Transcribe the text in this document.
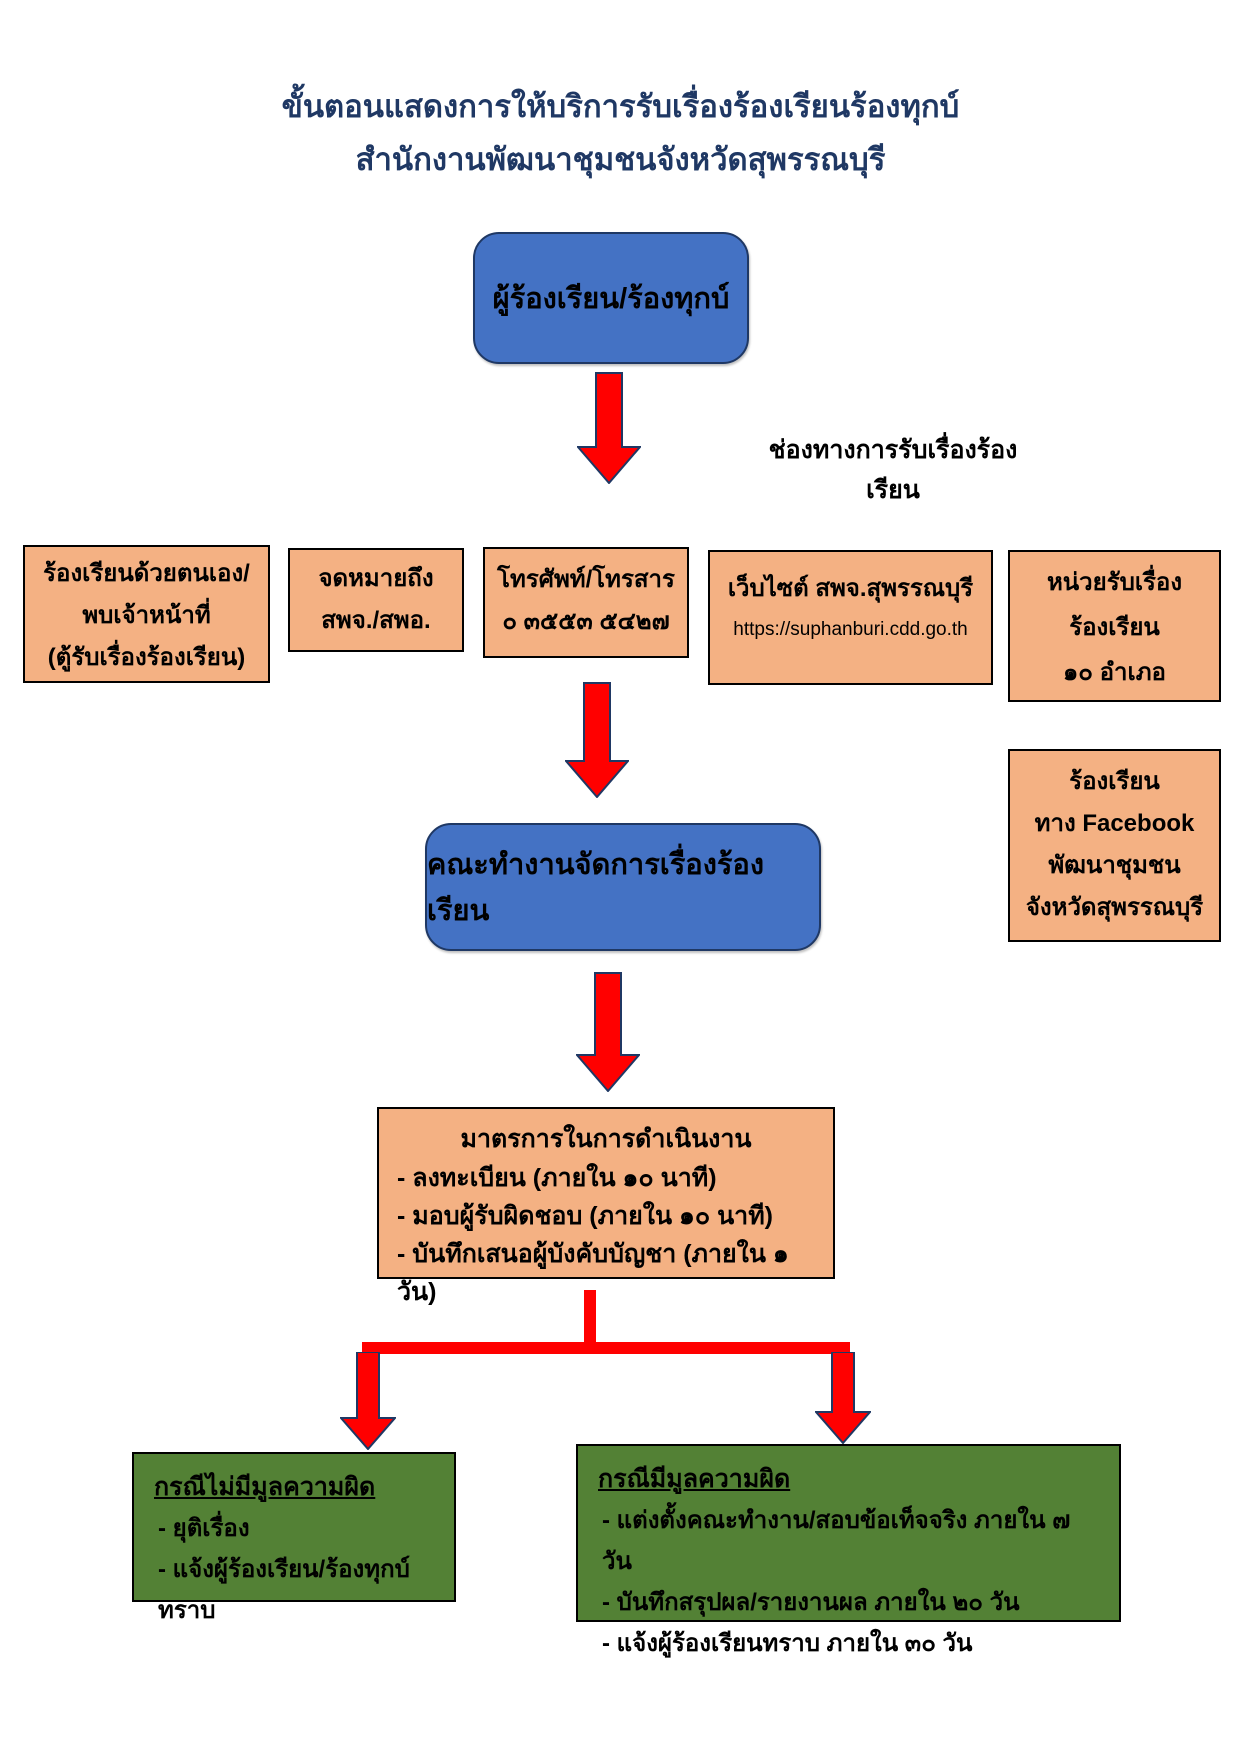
ขั้นตอนแสดงการให้บริการรับเรื่องร้องเรียนร้องทุกบ์
สำนักงานพัฒนาชุมชนจังหวัดสุพรรณบุรี
ผู้ร้องเรียน/ร้องทุกบ์
ช่องทางการรับเรื่องร้องเรียน
ร้องเรียนด้วยตนเอง/
พบเจ้าหน้าที่
(ตู้รับเรื่องร้องเรียน)
จดหมายถึง
สพจ./สพอ.
โทรศัพท์/โทรสาร
๐ ๓๕๕๓ ๕๔๒๗
เว็บไซต์ สพจ.สุพรรณบุรี
https://suphanburi.cdd.go.th
หน่วยรับเรื่อง
ร้องเรียน
๑๐ อำเภอ
ร้องเรียน
ทาง Facebook
พัฒนาชุมชน
จังหวัดสุพรรณบุรี
คณะทำงานจัดการเรื่องร้องเรียน
มาตรการในการดำเนินงาน
- ลงทะเบียน (ภายใน ๑๐ นาที)
- มอบผู้รับผิดชอบ (ภายใน ๑๐ นาที)
- บันทึกเสนอผู้บังคับบัญชา (ภายใน ๑ วัน)
กรณีไม่มีมูลความผิด
- ยุติเรื่อง
- แจ้งผู้ร้องเรียน/ร้องทุกบ์ทราบ
กรณีมีมูลความผิด
- แต่งตั้งคณะทำงาน/สอบข้อเท็จจริง ภายใน ๗ วัน
- บันทึกสรุปผล/รายงานผล ภายใน ๒๐ วัน
- แจ้งผู้ร้องเรียนทราบ ภายใน ๓๐ วัน
